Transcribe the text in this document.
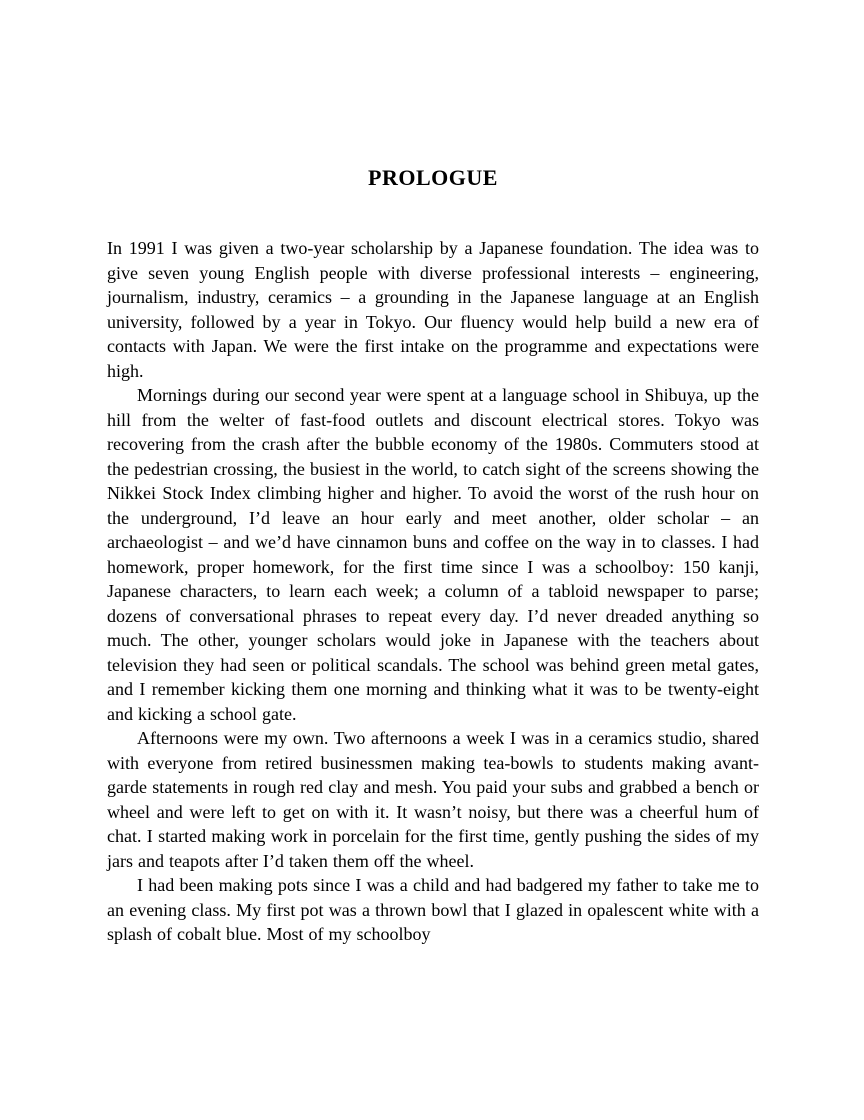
PROLOGUE

In 1991 I was given a two-year scholarship by a Japanese foundation. The idea was to give seven young English people with diverse professional interests – engineering, journalism, industry, ceramics – a grounding in the Japanese language at an English university, followed by a year in Tokyo. Our fluency would help build a new era of contacts with Japan. We were the first intake on the programme and expectations were high.

Mornings during our second year were spent at a language school in Shibuya, up the hill from the welter of fast-food outlets and discount electrical stores. Tokyo was recovering from the crash after the bubble economy of the 1980s. Commuters stood at the pedestrian crossing, the busiest in the world, to catch sight of the screens showing the Nikkei Stock Index climbing higher and higher. To avoid the worst of the rush hour on the underground, I’d leave an hour early and meet another, older scholar – an archaeologist – and we’d have cinnamon buns and coffee on the way in to classes. I had homework, proper homework, for the first time since I was a schoolboy: 150 kanji, Japanese characters, to learn each week; a column of a tabloid newspaper to parse; dozens of conversational phrases to repeat every day. I’d never dreaded anything so much. The other, younger scholars would joke in Japanese with the teachers about television they had seen or political scandals. The school was behind green metal gates, and I remember kicking them one morning and thinking what it was to be twenty-eight and kicking a school gate.

Afternoons were my own. Two afternoons a week I was in a ceramics studio, shared with everyone from retired businessmen making tea-bowls to students making avant-garde statements in rough red clay and mesh. You paid your subs and grabbed a bench or wheel and were left to get on with it. It wasn’t noisy, but there was a cheerful hum of chat. I started making work in porcelain for the first time, gently pushing the sides of my jars and teapots after I’d taken them off the wheel.

I had been making pots since I was a child and had badgered my father to take me to an evening class. My first pot was a thrown bowl that I glazed in opalescent white with a splash of cobalt blue. Most of my schoolboy
